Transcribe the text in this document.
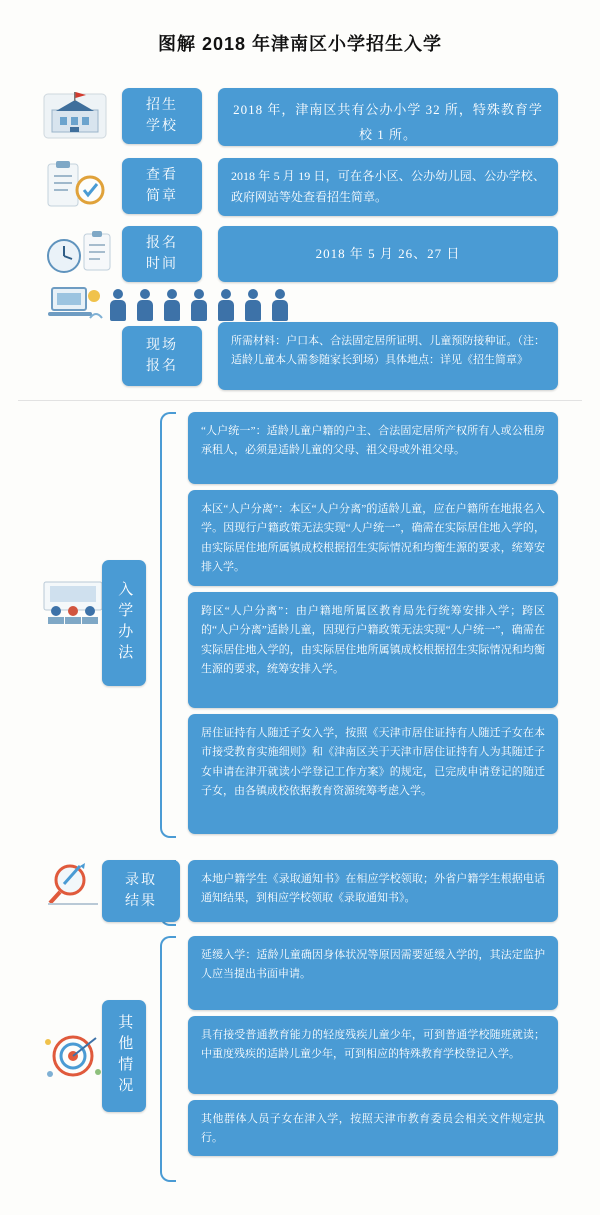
图解 2018 年津南区小学招生入学
招生
学校
2018 年，津南区共有公办小学 32 所，特殊教育学校 1 所。
查看
简章
2018 年 5 月 19 日，可在各小区、公办幼儿园、公办学校、政府网站等处查看招生简章。
报名
时间
2018 年 5 月 26、27 日
现场
报名
所需材料：户口本、合法固定居所证明、儿童预防接种证。（注：适龄儿童本人需参随家长到场）具体地点：详见《招生简章》
入学办法
“人户统一”：适龄儿童户籍的户主、合法固定居所产权所有人或公租房承租人，必须是适龄儿童的父母、祖父母或外祖父母。
本区“人户分离”：本区“人户分离”的适龄儿童，应在户籍所在地报名入学。因现行户籍政策无法实现“人户统一”，确需在实际居住地入学的，由实际居住地所属镇成校根据招生实际情况和均衡生源的要求，统筹安排入学。
跨区“人户分离”：由户籍地所属区教育局先行统筹安排入学；跨区的“人户分离”适龄儿童，因现行户籍政策无法实现“人户统一”，确需在实际居住地入学的，由实际居住地所属镇成校根据招生实际情况和均衡生源的要求，统筹安排入学。
居住证持有人随迁子女入学，按照《天津市居住证持有人随迁子女在本市接受教育实施细则》和《津南区关于天津市居住证持有人为其随迁子女申请在津开就读小学登记工作方案》的规定，已完成申请登记的随迁子女，由各镇成校依据教育资源统筹考虑入学。
录取
结果
本地户籍学生《录取通知书》在相应学校领取；外省户籍学生根据电话通知结果，到相应学校领取《录取通知书》。
其
他
情
况
延缓入学：适龄儿童确因身体状况等原因需要延缓入学的，其法定监护人应当提出书面申请。
具有接受普通教育能力的轻度残疾儿童少年，可到普通学校随班就读；中重度残疾的适龄儿童少年，可到相应的特殊教育学校登记入学。
其他群体人员子女在津入学，按照天津市教育委员会相关文件规定执行。
